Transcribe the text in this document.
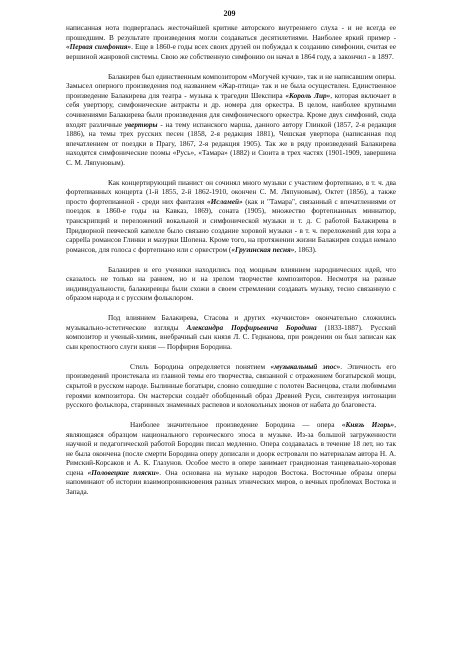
209

написанная нота подвергалась жесточайшей критике авторского внутреннего слуха - и не всегда ее прошедшим. В результате произведения могли создаваться десятилетиями. Наиболее яркий пример - «Первая симфония». Еще в 1860-е годы всех своих друзей он побуждал к созданию симфонии, считая ее вершиной жанровой системы. Свою же собственную симфонию он начал в 1864 году, а закончил - в 1897.

Балакирев был единственным композитором «Могучей кучки», так и не написавшим оперы. Замысел оперного произведения под названием «Жар-птица» так и не была осуществлен. Единственное произведение Балакирева для театра - музыка к трагедии Шекспира «Король Лир», которая включает в себя увертюру, симфонические антракты и др. номера для оркестра. В целом, наиболее крупными сочинениями Балакирева были произведения для симфонического оркестра. Кроме двух симфоний, сюда входят различные увертюры - на тему испанского марша, данного автору Глинкой (1857, 2-я редакция 1886), на темы трех русских песен (1858, 2-я редакция 1881), Чешская увертюра (написанная под впечатлением от поездки в Прагу, 1867, 2-я редакция 1905). Так же в ряду произведений Балакирева находятся симфонические поэмы «Русь», «Тамара» (1882) и Сюита в трех частях (1901-1909, завершена С. М. Ляпуновым).

Как концертирующий пианист он сочинял много музыки с участием фортепиано, в т. ч. два фортепианных концерта (1-й 1855, 2-й 1862-1910, окончен С. М. Ляпуновым), Октет (1856), а также просто фортепианной - среди них фантазия «Исламей» (как и "Тамара", связанный с впечатлениями от поездок в 1860-е годы на Кавказ, 1869), соната (1905), множество фортепианных миниатюр, транскрипций и переложений вокальной и симфонической музыки и т. д. С работой Балакирева в Придворной певческой капелле было связано создание хоровой музыки - в т. ч. переложений для хора a cappella романсов Глинки и мазурки Шопена. Кроме того, на протяжении жизни Балакирев создал немало романсов, для голоса с фортепиано или с оркестром («Грузинская песня», 1863).

Балакирев и его ученики находились под мощным влиянием народнических идей, что сказалось не только на раннем, но и на зрелом творчестве композиторов. Несмотря на разные индивидуальности, балакиревцы были схожи в своем стремлении создавать музыку, тесно связанную с образом народа и с русским фольклором.

Под влиянием Балакирева, Стасова и других «кучкистов» окончательно сложились музыкально-эстетические взгляды Александра Порфирьевича Бородина (1833-1887). Русский композитор и ученый-химик, внебрачный сын князя Л. С. Гедианова, при рождении он был записан как сын крепостного слуги князя — Порфирия Бородина.

Стиль Бородина определяется понятием «музыкальный эпос». Эпичность его произведений проистекала из главной темы его творчества, связанной с отражением богатырской мощи, скрытой в русском народе. Былинные богатыри, словно сошедшие с полотен Васнецова, стали любимыми героями композитора. Он мастерски создаёт обобщенный образ Древней Руси, синтезируя интонации русского фольклора, старинных знаменных распевов и колокольных звонов от набата до благовеста.

Наиболее значительное произведение Бородина — опера «Князь Игорь», являющаяся образцом национального героического эпоса в музыке. Из-за большой загруженности научной и педагогической работой Бородин писал медленно. Опера создавалась в течение 18 лет, но так не была окончена (после смерти Бородина оперу дописали и доорк естровали по материалам автора Н. А. Римский-Корсаков и А. К. Глазунов. Особое место в опере занимает грандиозная танцевально-хоровая сцена «Половецкие пляски». Она основана на музыке народов Востока. Восточные образы оперы напоминают об истории взаимопроникновения разных этнических миров, о вечных проблемах Востока и Запада.
